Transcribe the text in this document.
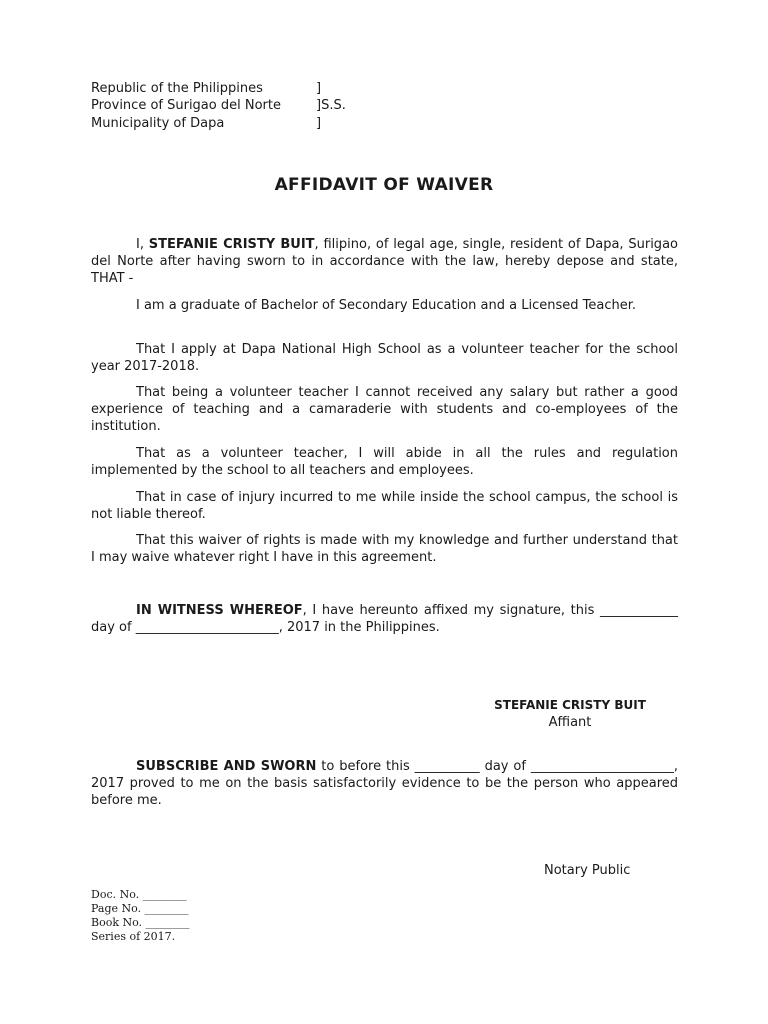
Republic of the Philippines	]
Province of Surigao del Norte	]S.S.
Municipality of Dapa	]
AFFIDAVIT OF WAIVER
I, STEFANIE CRISTY BUIT, filipino, of legal age, single, resident of Dapa, Surigao del Norte after having sworn to in accordance with the law, hereby depose and state, THAT -
I am a graduate of Bachelor of Secondary Education and a Licensed Teacher.
That I apply at Dapa National High School as a volunteer teacher for the school year 2017-2018.
That being a volunteer teacher I cannot received any salary but rather a good experience of teaching and a camaraderie with students and co-employees of the institution.
That as a volunteer teacher, I will abide in all the rules and regulation implemented by the school to all teachers and employees.
That in case of injury incurred to me while inside the school campus, the school is not liable thereof.
That this waiver of rights is made with my knowledge and further understand that I may waive whatever right I have in this agreement.
IN WITNESS WHEREOF, I have hereunto affixed my signature, this ____________ day of ______________________, 2017 in the Philippines.
STEFANIE CRISTY BUIT
Affiant
SUBSCRIBE AND SWORN to before this __________ day of ______________________, 2017 proved to me on the basis satisfactorily evidence to be the person who appeared before me.
Notary Public
Doc. No. ________
Page No. ________
Book No. ________
Series of 2017.
